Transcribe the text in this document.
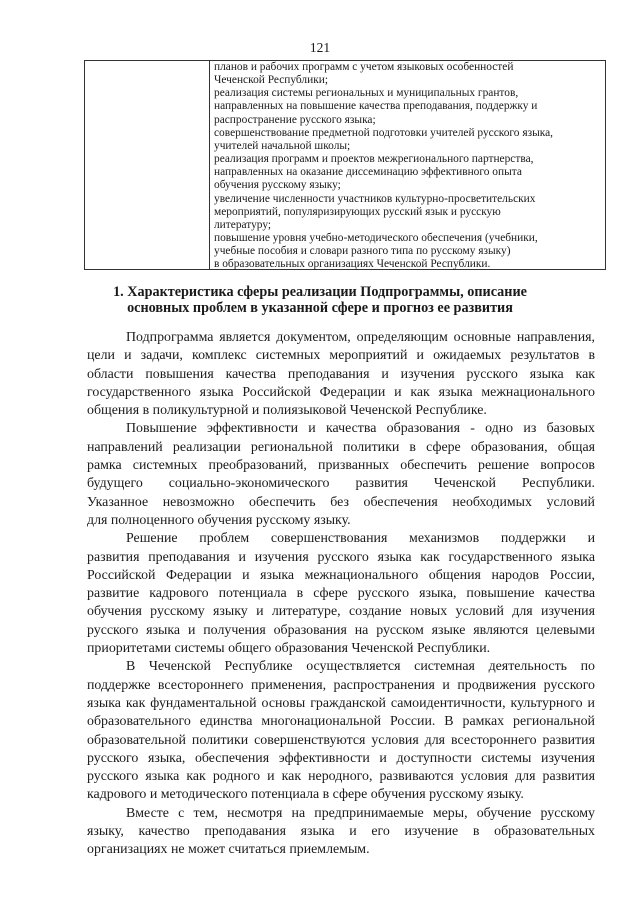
121
планов и рабочих программ с учетом языковых особенностей
Чеченской Республики;
реализация системы региональных и муниципальных грантов,
направленных на повышение качества преподавания, поддержку и
распространение русского языка;
совершенствование предметной подготовки учителей русского языка,
учителей начальной школы;
реализация программ и проектов межрегионального партнерства,
направленных на оказание диссеминацию эффективного опыта
обучения русскому языку;
увеличение численности участников культурно-просветительских
мероприятий, популяризирующих русский язык и русскую
литературу;
повышение уровня учебно-методического обеспечения (учебники,
учебные пособия и словари разного типа по русскому языку)
в образовательных организациях Чеченской Республики.
1. Характеристика сферы реализации Подпрограммы, описание
основных проблем в указанной сфере и прогноз ее развития
Подпрограмма является документом, определяющим основные направления,
цели и задачи, комплекс системных мероприятий и ожидаемых результатов в
области повышения качества преподавания и изучения русского языка как
государственного языка Российской Федерации и как языка межнационального
общения в поликультурной и полиязыковой Чеченской Республике.
Повышение эффективности и качества образования - одно из базовых
направлений реализации региональной политики в сфере образования, общая
рамка системных преобразований, призванных обеспечить решение вопросов
будущего социально-экономического развития Чеченской Республики.
Указанное невозможно обеспечить без обеспечения необходимых условий
для полноценного обучения русскому языку.
Решение проблем совершенствования механизмов поддержки и
развития преподавания и изучения русского языка как государственного языка
Российской Федерации и языка межнационального общения народов России,
развитие кадрового потенциала в сфере русского языка, повышение качества
обучения русскому языку и литературе, создание новых условий для изучения
русского языка и получения образования на русском языке являются целевыми
приоритетами системы общего образования Чеченской Республики.
В Чеченской Республике осуществляется системная деятельность по
поддержке всестороннего применения, распространения и продвижения русского
языка как фундаментальной основы гражданской самоидентичности, культурного и
образовательного единства многонациональной России. В рамках региональной
образовательной политики совершенствуются условия для всестороннего развития
русского языка, обеспечения эффективности и доступности системы изучения
русского языка как родного и как неродного, развиваются условия для развития
кадрового и методического потенциала в сфере обучения русскому языку.
Вместе с тем, несмотря на предпринимаемые меры, обучение русскому
языку, качество преподавания языка и его изучение в образовательных
организациях не может считаться приемлемым.
